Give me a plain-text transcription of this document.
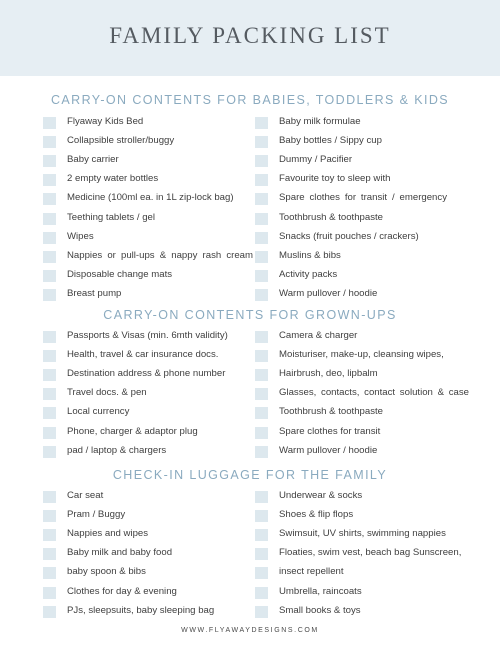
FAMILY PACKING LIST
CARRY-ON CONTENTS FOR BABIES, TODDLERS & KIDS
Flyaway Kids Bed
Collapsible stroller/buggy
Baby carrier
2 empty water bottles
Medicine (100ml ea. in 1L zip-lock bag)
Teething tablets / gel
Wipes
Nappies or pull-ups & nappy rash cream
Disposable change mats
Breast pump
Baby milk formulae
Baby bottles / Sippy cup
Dummy / Pacifier
Favourite toy to sleep with
Spare clothes for transit / emergency
Toothbrush & toothpaste
Snacks (fruit pouches / crackers)
Muslins & bibs
Activity packs
Warm pullover / hoodie
CARRY-ON CONTENTS FOR GROWN-UPS
Passports & Visas (min. 6mth validity)
Health, travel & car insurance docs.
Destination address & phone number
Travel docs. & pen
Local currency
Phone, charger & adaptor plug
pad / laptop & chargers
Camera & charger
Moisturiser, make-up, cleansing wipes,
Hairbrush, deo, lipbalm
Glasses, contacts, contact solution & case
Toothbrush & toothpaste
Spare clothes for transit
Warm pullover / hoodie
CHECK-IN LUGGAGE FOR THE FAMILY
Car seat
Pram / Buggy
Nappies and wipes
Baby milk and baby food
baby spoon & bibs
Clothes for day & evening
PJs, sleepsuits, baby sleeping bag
Underwear & socks
Shoes & flip flops
Swimsuit, UV shirts, swimming nappies
Floaties, swim vest, beach bag Sunscreen,
insect repellent
Umbrella, raincoats
Small books & toys
WWW.FLYAWAYDESIGNS.COM
